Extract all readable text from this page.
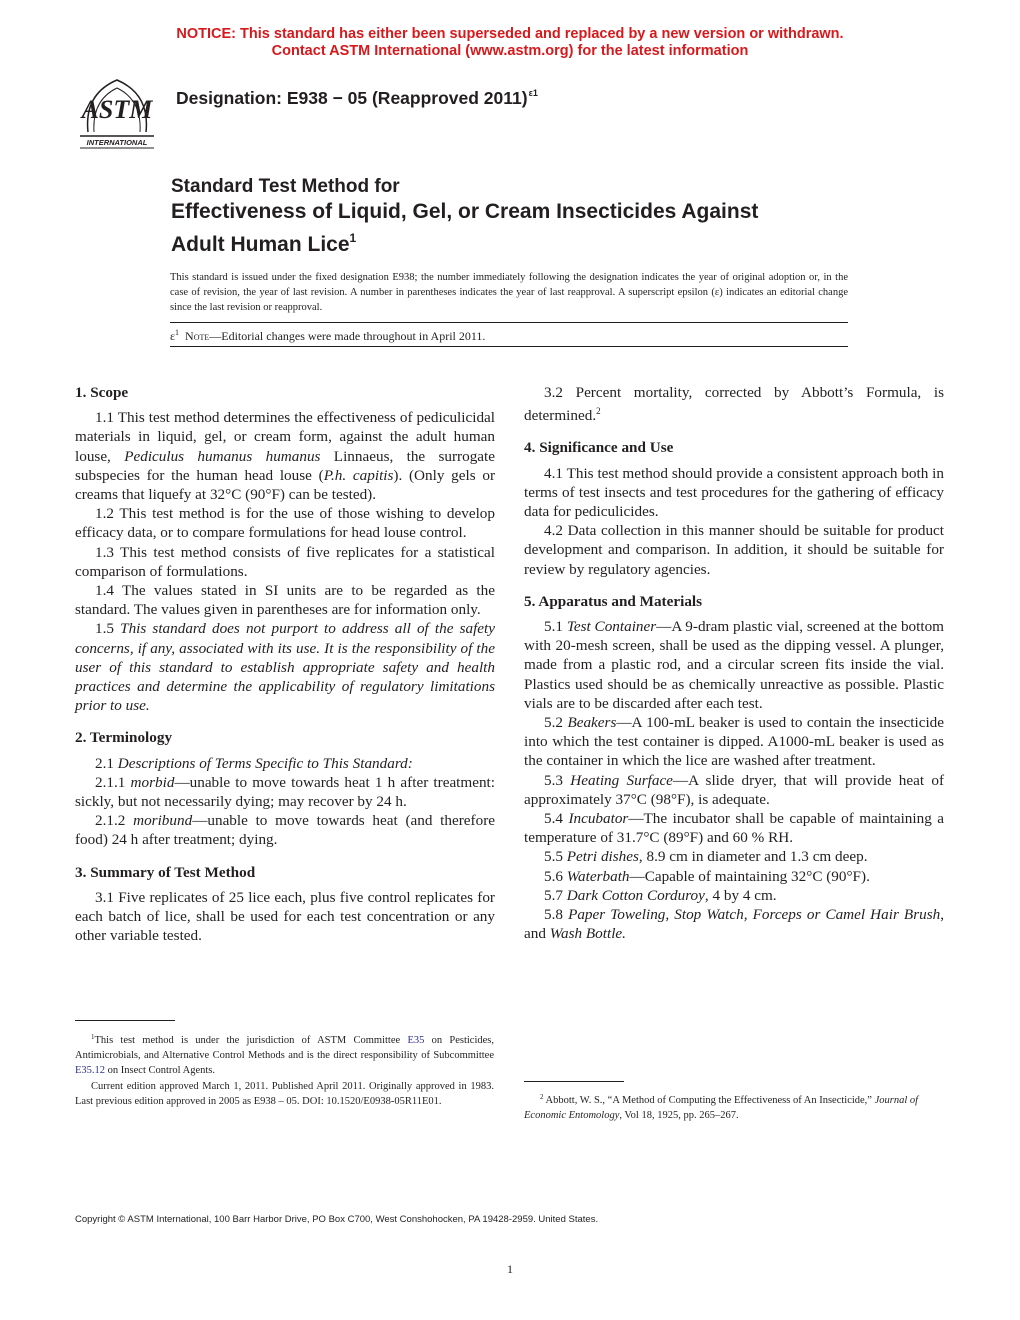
NOTICE: This standard has either been superseded and replaced by a new version or withdrawn.
Contact ASTM International (www.astm.org) for the latest information
ASTM
INTERNATIONAL
Designation: E938 − 05 (Reapproved 2011)$^{\varepsilon 1}$
Standard Test Method for
Effectiveness of Liquid, Gel, or Cream Insecticides Against
Adult Human Lice$^1$
This standard is issued under the fixed designation E938; the number immediately following the designation indicates the year of original adoption or, in the case of revision, the year of last revision. A number in parentheses indicates the year of last reapproval. A superscript epsilon (ε) indicates an editorial change since the last revision or reapproval.
$\varepsilon^1$ Note—Editorial changes were made throughout in April 2011.
1. Scope

1.1 This test method determines the effectiveness of pediculicidal materials in liquid, gel, or cream form, against the adult human louse, Pediculus humanus humanus Linnaeus, the surrogate subspecies for the human head louse (P.h. capitis). (Only gels or creams that liquefy at 32°C (90°F) can be tested).

1.2 This test method is for the use of those wishing to develop efficacy data, or to compare formulations for head louse control.

1.3 This test method consists of five replicates for a statistical comparison of formulations.

1.4 The values stated in SI units are to be regarded as the standard. The values given in parentheses are for information only.

1.5 This standard does not purport to address all of the safety concerns, if any, associated with its use. It is the responsibility of the user of this standard to establish appropriate safety and health practices and determine the applicability of regulatory limitations prior to use.

2. Terminology

2.1 Descriptions of Terms Specific to This Standard:

2.1.1 morbid—unable to move towards heat 1 h after treatment: sickly, but not necessarily dying; may recover by 24 h.

2.1.2 moribund—unable to move towards heat (and therefore food) 24 h after treatment; dying.

3. Summary of Test Method

3.1 Five replicates of 25 lice each, plus five control replicates for each batch of lice, shall be used for each test concentration or any other variable tested.

3.2 Percent mortality, corrected by Abbott’s Formula, is determined.$^2$

4. Significance and Use

4.1 This test method should provide a consistent approach both in terms of test insects and test procedures for the gathering of efficacy data for pediculicides.

4.2 Data collection in this manner should be suitable for product development and comparison. In addition, it should be suitable for review by regulatory agencies.

5. Apparatus and Materials

5.1 Test Container—A 9-dram plastic vial, screened at the bottom with 20-mesh screen, shall be used as the dipping vessel. A plunger, made from a plastic rod, and a circular screen fits inside the vial. Plastics used should be as chemically unreactive as possible. Plastic vials are to be discarded after each test.

5.2 Beakers—A 100-mL beaker is used to contain the insecticide into which the test container is dipped. A1000-mL beaker is used as the container in which the lice are washed after treatment.

5.3 Heating Surface—A slide dryer, that will provide heat of approximately 37°C (98°F), is adequate.

5.4 Incubator—The incubator shall be capable of maintaining a temperature of 31.7°C (89°F) and 60 % RH.

5.5 Petri dishes, 8.9 cm in diameter and 1.3 cm deep.

5.6 Waterbath—Capable of maintaining 32°C (90°F).

5.7 Dark Cotton Corduroy, 4 by 4 cm.

5.8 Paper Toweling, Stop Watch, Forceps or Camel Hair Brush, and Wash Bottle.

$^1$This test method is under the jurisdiction of ASTM Committee E35 on Pesticides, Antimicrobials, and Alternative Control Methods and is the direct responsibility of Subcommittee E35.12 on Insect Control Agents.

Current edition approved March 1, 2011. Published April 2011. Originally approved in 1983. Last previous edition approved in 2005 as E938 – 05. DOI: 10.1520/E0938-05R11E01.	$^2$ Abbott, W. S., “A Method of Computing the Effectiveness of An Insecticide,” Journal of Economic Entomology, Vol 18, 1925, pp. 265–267.

Copyright © ASTM International, 100 Barr Harbor Drive, PO Box C700, West Conshohocken, PA 19428-2959. United States.
1
